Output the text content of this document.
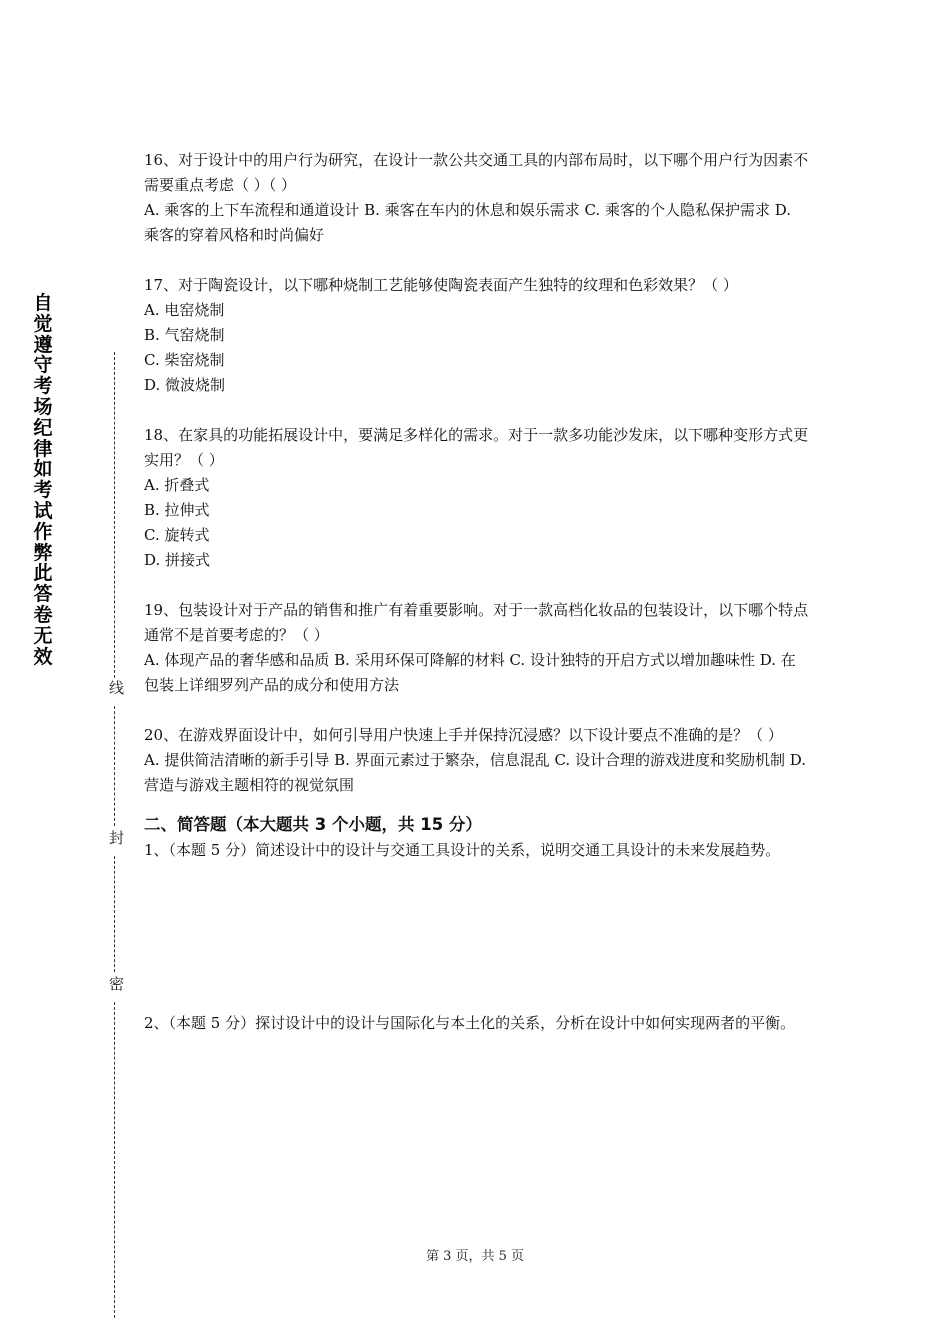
自觉遵守考场纪律如考试作弊此答卷无效
线
封
密

16、对于设计中的用户行为研究，在设计一款公共交通工具的内部布局时，以下哪个用户行为因素不需要重点考虑（ ）（ ）

A. 乘客的上下车流程和通道设计 B. 乘客在车内的休息和娱乐需求 C. 乘客的个人隐私保护需求 D. 乘客的穿着风格和时尚偏好

17、对于陶瓷设计，以下哪种烧制工艺能够使陶瓷表面产生独特的纹理和色彩效果？（ ）

A. 电窑烧制

B. 气窑烧制

C. 柴窑烧制

D. 微波烧制

18、在家具的功能拓展设计中，要满足多样化的需求。对于一款多功能沙发床，以下哪种变形方式更实用？（ ）

A. 折叠式

B. 拉伸式

C. 旋转式

D. 拼接式

19、包装设计对于产品的销售和推广有着重要影响。对于一款高档化妆品的包装设计，以下哪个特点通常不是首要考虑的？（ ）

A. 体现产品的奢华感和品质 B. 采用环保可降解的材料 C. 设计独特的开启方式以增加趣味性 D. 在包装上详细罗列产品的成分和使用方法

20、在游戏界面设计中，如何引导用户快速上手并保持沉浸感？以下设计要点不准确的是？（ ）

A. 提供简洁清晰的新手引导 B. 界面元素过于繁杂，信息混乱 C. 设计合理的游戏进度和奖励机制 D. 营造与游戏主题相符的视觉氛围

二、简答题（本大题共 3 个小题，共 15 分）

1、（本题 5 分）简述设计中的设计与交通工具设计的关系，说明交通工具设计的未来发展趋势。

2、（本题 5 分）探讨设计中的设计与国际化与本土化的关系，分析在设计中如何实现两者的平衡。

第 3 页，共 5 页
